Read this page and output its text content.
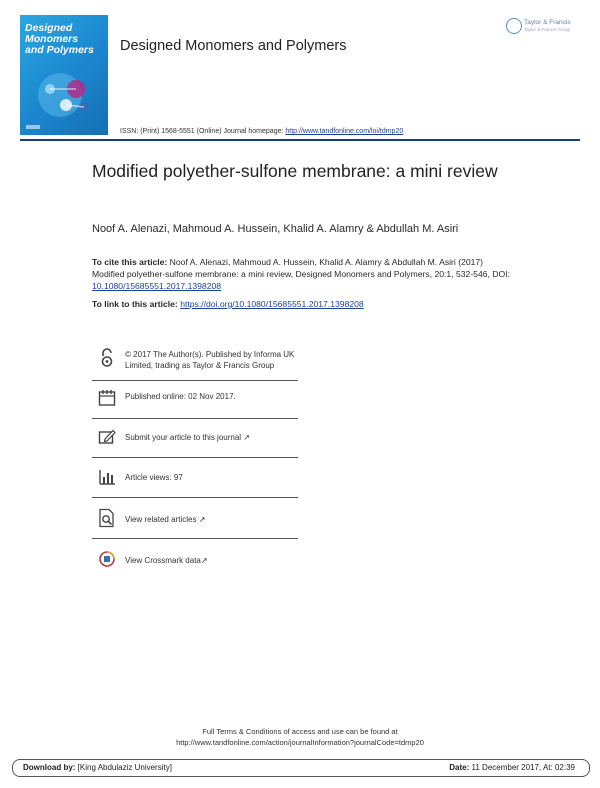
Designed
Monomers
and Polymers Designed Monomers and Polymers
Taylor & Francis
Taylor & Francis Group
ISSN: (Print) 1568-5551 (Online) Journal homepage: http://www.tandfonline.com/loi/tdmp20
Modified polyether-sulfone membrane: a mini review
Noof A. Alenazi, Mahmoud A. Hussein, Khalid A. Alamry & Abdullah M. Asiri
To cite this article: Noof A. Alenazi, Mahmoud A. Hussein, Khalid A. Alamry & Abdullah M. Asiri (2017) Modified polyether-sulfone membrane: a mini review, Designed Monomers and Polymers, 20:1, 532-546, DOI: 10.1080/15685551.2017.1398208
To link to this article: https://doi.org/10.1080/15685551.2017.1398208
© 2017 The Author(s). Published by Informa UK Limited, trading as Taylor & Francis Group
Published online: 02 Nov 2017.
Submit your article to this journal ↗
Article views: 97
View related articles ↗
View Crossmark data↗
Full Terms & Conditions of access and use can be found at
http://www.tandfonline.com/action/journalInformation?journalCode=tdmp20
Download by: [King Abdulaziz University]	Date: 11 December 2017, At: 02:39
